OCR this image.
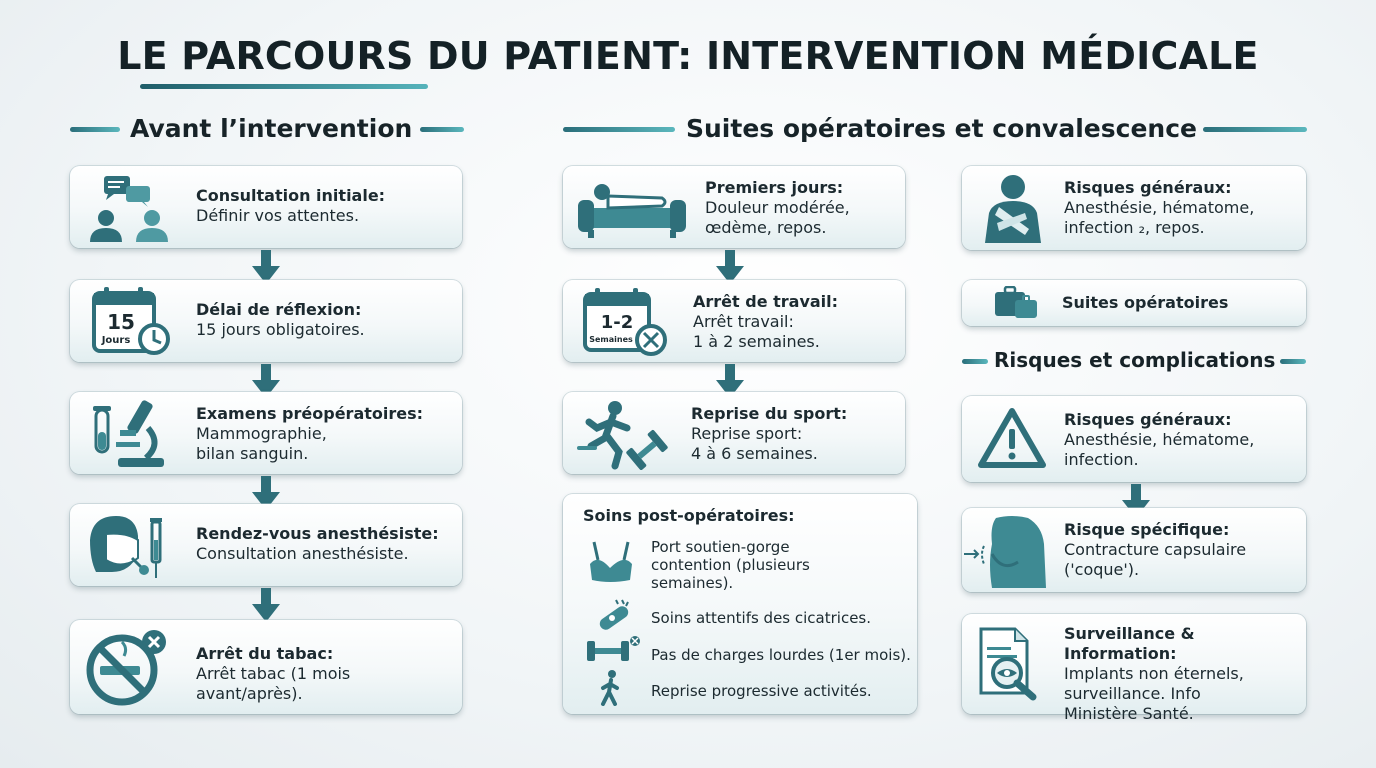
LE PARCOURS DU PATIENT: INTERVENTION MÉDICALE
Avant l’intervention	Suites opératoires et convalescence
Risques et complications
Consultation initiale:
Définir vos attentes.
15
Jours
Délai de réflexion:
15 jours obligatoires.
Examens préopératoires:
Mammographie,
bilan sanguin.
Rendez-vous anesthésiste:
Consultation anesthésiste.
Arrêt du tabac:
Arrêt tabac (1 mois
avant/après).
Premiers jours:
Douleur modérée,
œdème, repos.
1-2
Semaines
Arrêt de travail:
Arrêt travail:
1 à 2 semaines.
Reprise du sport:
Reprise sport:
4 à 6 semaines.
Soins post-opératoires:
Port soutien-gorge
contention (plusieurs
semaines).
Soins attentifs des cicatrices.
Pas de charges lourdes (1er mois).
Reprise progressive activités.
Risques généraux:
Anesthésie, hématome,
infection ₂, repos.
Suites opératoires
Risques généraux:
Anesthésie, hématome,
infection.
Risque spécifique:
Contracture capsulaire
('coque').
Surveillance & Information:
Implants non éternels,
surveillance. Info
Ministère Santé.
